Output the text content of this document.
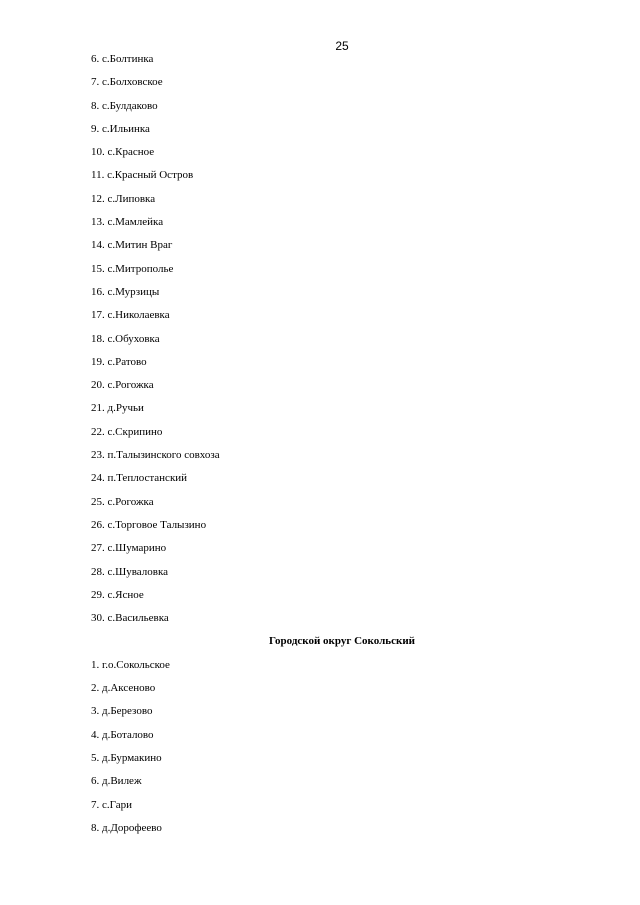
25
6. с.Болтинка
7. с.Болховское
8. с.Булдаково
9. с.Ильинка
10. с.Красное
11. с.Красный Остров
12. с.Липовка
13. с.Мамлейка
14. с.Митин Враг
15. с.Митрополье
16. с.Мурзицы
17. с.Николаевка
18. с.Обуховка
19. с.Ратово
20. с.Рогожка
21. д.Ручьи
22. с.Скрипино
23. п.Талызинского совхоза
24. п.Теплостанский
25. с.Рогожка
26. с.Торговое Талызино
27. с.Шумарино
28. с.Шуваловка
29. с.Ясное
30. с.Васильевка
Городской округ Сокольский
1. г.о.Сокольское
2. д.Аксеново
3. д.Березово
4. д.Боталово
5. д.Бурмакино
6. д.Вилеж
7. с.Гари
8. д.Дорофеево
